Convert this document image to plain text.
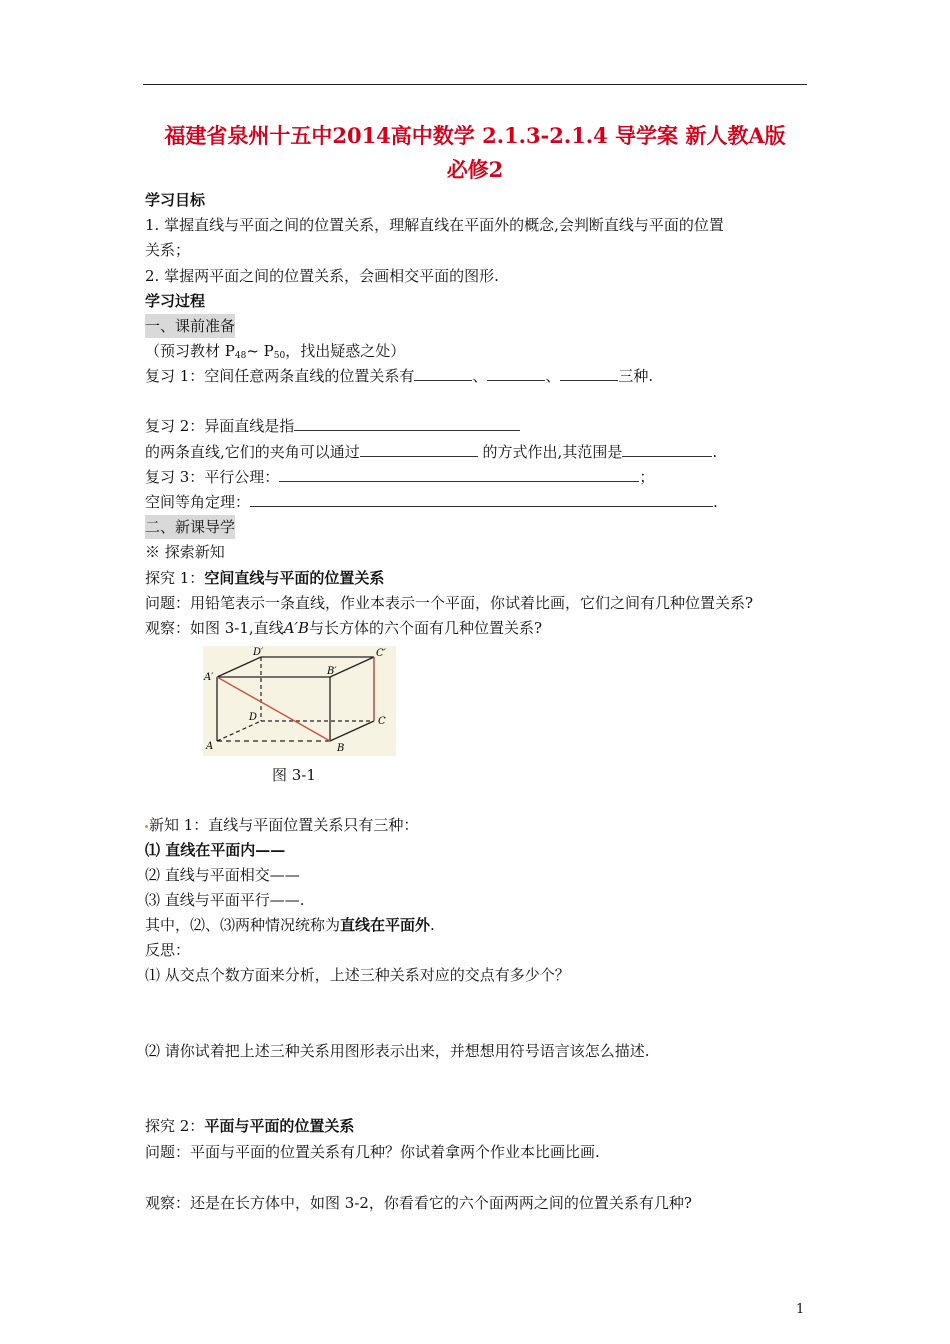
福建省泉州十五中2014高中数学 2.1.3-2.1.4 导学案 新人教A版
必修2
学习目标
1. 掌握直线与平面之间的位置关系，理解直线在平面外的概念,会判断直线与平面的位置
关系；
2. 掌握两平面之间的位置关系，会画相交平面的图形.
学习过程
一、课前准备
（预习教材 $P_{48}\sim$ $P_{50}$，找出疑惑之处）
复习 1：空间任意两条直线的位置关系有	、	、	三种.
复习 2：异面直线是指
的两条直线,它们的夹角可以通过	的方式作出,其范围是	.
复习 3：平行公理：	；
空间等角定理：	.
二、新课导学
※ 探索新知
探究 1：空间直线与平面的位置关系
问题：用铅笔表示一条直线，作业本表示一个平面，你试着比画，它们之间有几种位置关系?
观察：如图 3-1,直线A′B与长方体的六个面有几种位置关系?
D′	C′
A′
B′
D	C
A	B
图 3-1
新知 1：直线与平面位置关系只有三种：
⑴ 直线在平面内——
⑵ 直线与平面相交——
⑶ 直线与平面平行——.
其中，⑵、⑶两种情况统称为直线在平面外.
反思：
⑴ 从交点个数方面来分析，上述三种关系对应的交点有多少个？
⑵ 请你试着把上述三种关系用图形表示出来，并想想用符号语言该怎么描述.
探究 2：平面与平面的位置关系
问题：平面与平面的位置关系有几种？你试着拿两个作业本比画比画.
观察：还是在长方体中，如图 3-2，你看看它的六个面两两之间的位置关系有几种?
1
